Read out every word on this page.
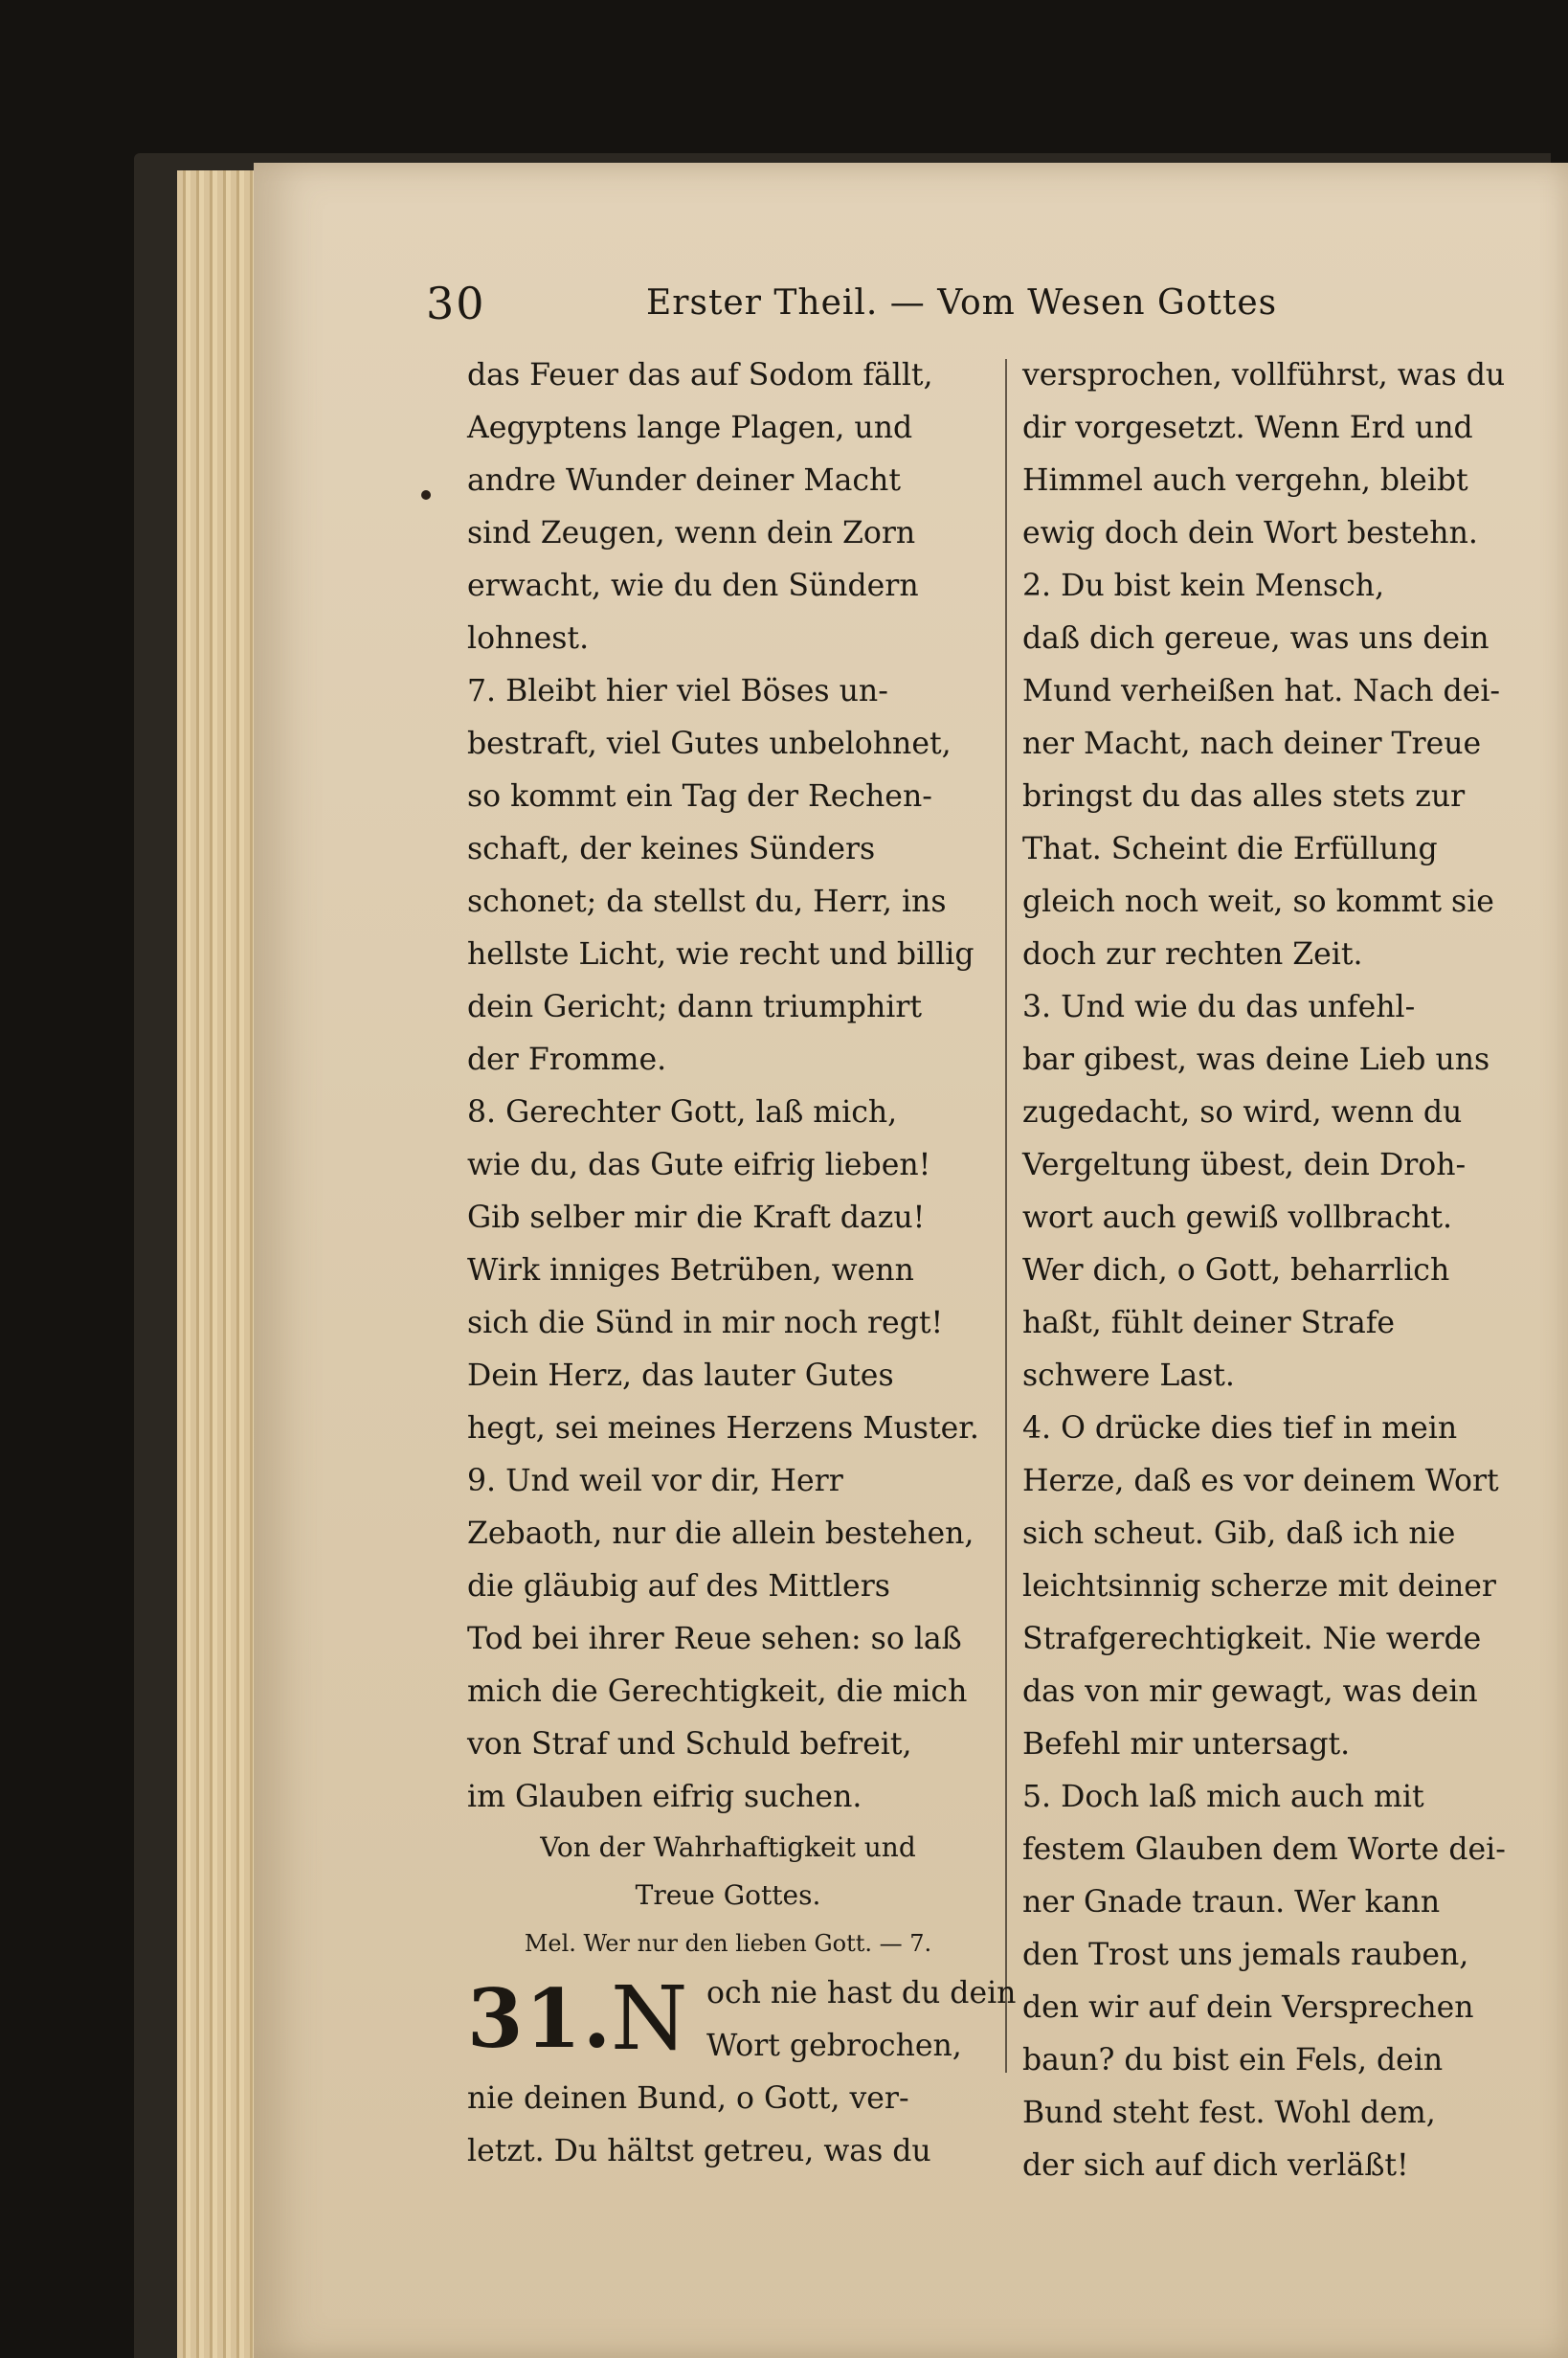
30	Erster Theil. — Vom Wesen Gottes
das Feuer das auf Sodom fällt,
Aegyptens lange Plagen, und
andre Wunder deiner Macht
sind Zeugen, wenn dein Zorn
erwacht, wie du den Sündern
lohnest.
7. Bleibt hier viel Böses un-
bestraft, viel Gutes unbelohnet,
so kommt ein Tag der Rechen-
schaft, der keines Sünders
schonet; da stellst du, Herr, ins
hellste Licht, wie recht und billig
dein Gericht; dann triumphirt
der Fromme.
8. Gerechter Gott, laß mich,
wie du, das Gute eifrig lieben!
Gib selber mir die Kraft dazu!
Wirk inniges Betrüben, wenn
sich die Sünd in mir noch regt!
Dein Herz, das lauter Gutes
hegt, sei meines Herzens Muster.
9. Und weil vor dir, Herr
Zebaoth, nur die allein bestehen,
die gläubig auf des Mittlers
Tod bei ihrer Reue sehen: so laß
mich die Gerechtigkeit, die mich
von Straf und Schuld befreit,
im Glauben eifrig suchen.
Von der Wahrhaftigkeit und
Treue Gottes.
Mel. Wer nur den lieben Gott. — 7.
31.
N och nie hast du dein
Wort gebrochen,
nie deinen Bund, o Gott, ver-
letzt. Du hältst getreu, was du
versprochen, vollführst, was du
dir vorgesetzt. Wenn Erd und
Himmel auch vergehn, bleibt
ewig doch dein Wort bestehn.
2. Du bist kein Mensch,
daß dich gereue, was uns dein
Mund verheißen hat. Nach dei-
ner Macht, nach deiner Treue
bringst du das alles stets zur
That. Scheint die Erfüllung
gleich noch weit, so kommt sie
doch zur rechten Zeit.
3. Und wie du das unfehl-
bar gibest, was deine Lieb uns
zugedacht, so wird, wenn du
Vergeltung übest, dein Droh-
wort auch gewiß vollbracht.
Wer dich, o Gott, beharrlich
haßt, fühlt deiner Strafe
schwere Last.
4. O drücke dies tief in mein
Herze, daß es vor deinem Wort
sich scheut. Gib, daß ich nie
leichtsinnig scherze mit deiner
Strafgerechtigkeit. Nie werde
das von mir gewagt, was dein
Befehl mir untersagt.
5. Doch laß mich auch mit
festem Glauben dem Worte dei-
ner Gnade traun. Wer kann
den Trost uns jemals rauben,
den wir auf dein Versprechen
baun? du bist ein Fels, dein
Bund steht fest. Wohl dem,
der sich auf dich verläßt!
